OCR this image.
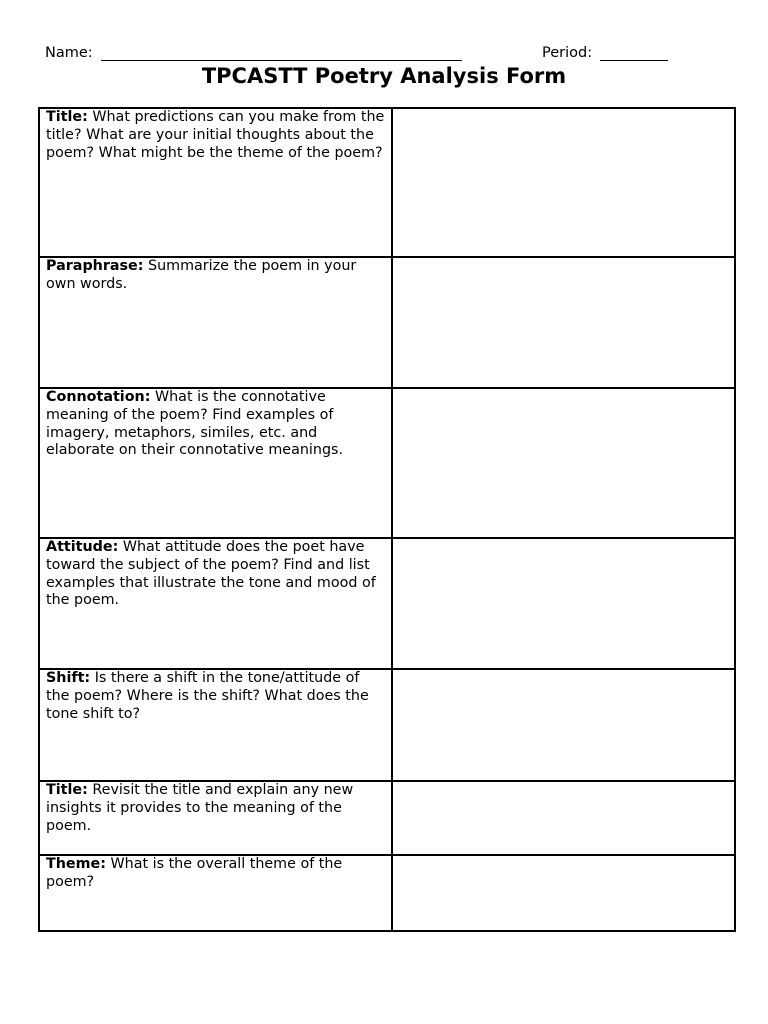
Name:	Period:
TPCASTT Poetry Analysis Form
Title: What predictions can you make from the title? What are your initial thoughts about the poem? What might be the theme of the poem?	
Paraphrase: Summarize the poem in your own words.	
Connotation: What is the connotative meaning of the poem? Find examples of imagery, metaphors, similes, etc. and elaborate on their connotative meanings.	
Attitude: What attitude does the poet have toward the subject of the poem? Find and list examples that illustrate the tone and mood of the poem.	
Shift: Is there a shift in the tone/attitude of the poem? Where is the shift? What does the tone shift to?	
Title: Revisit the title and explain any new insights it provides to the meaning of the poem.	
Theme: What is the overall theme of the poem?	
